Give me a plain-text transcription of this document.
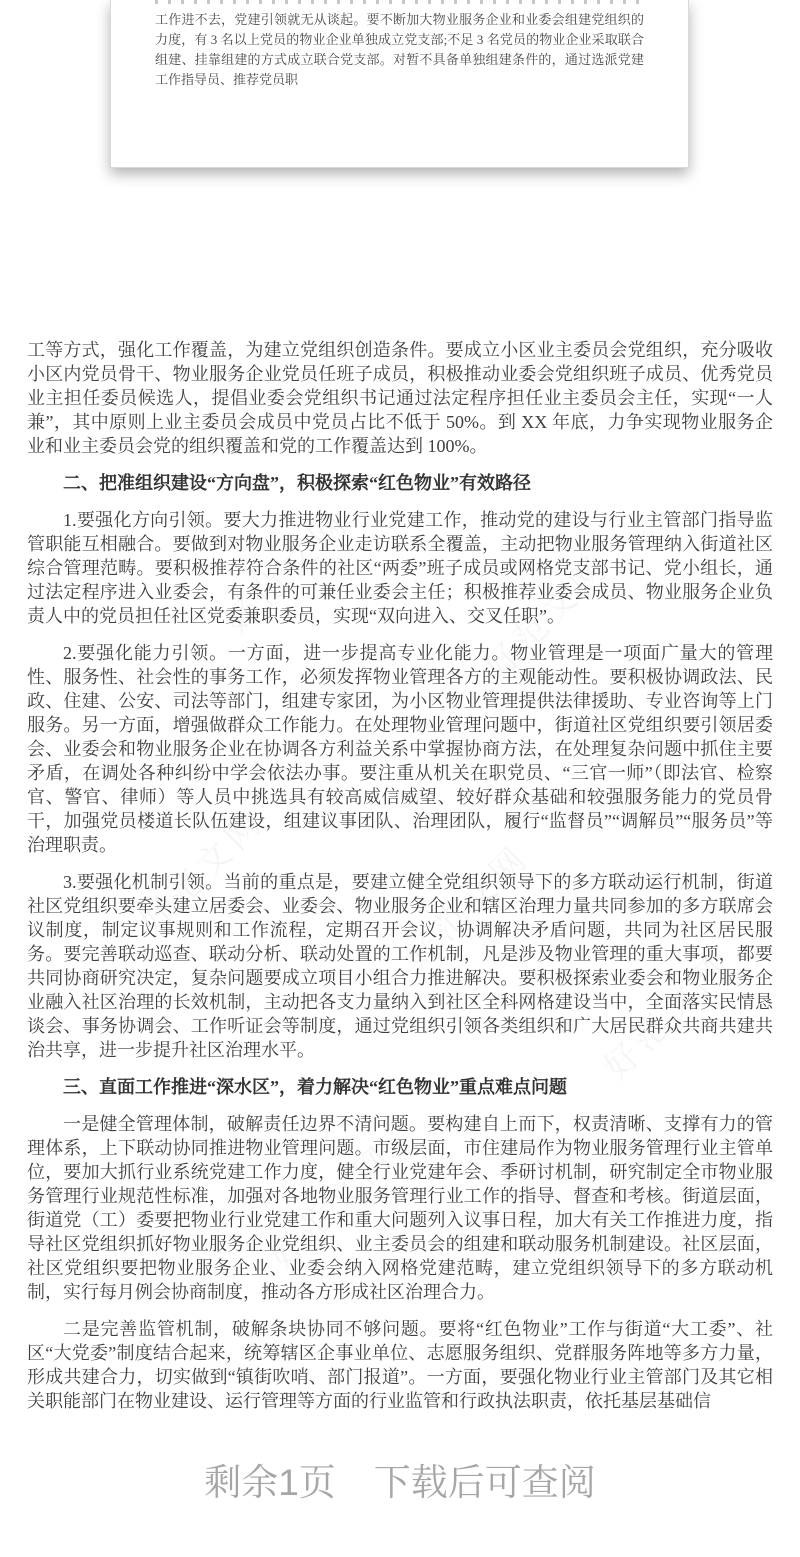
工作进不去，党建引领就无从谈起。要不断加大物业服务企业和业委会组建党组织的力度，有 3 名以上党员的物业企业单独成立党支部;不足 3 名党员的物业企业采取联合组建、挂靠组建的方式成立联合党支部。对暂不具备单独组建条件的，通过选派党建工作指导员、推荐党员职

好范文网	好范文网
好范文网	好范文网
好范文网
好范文网

工等方式，强化工作覆盖，为建立党组织创造条件。要成立小区业主委员会党组织，充分吸收小区内党员骨干、物业服务企业党员任班子成员，积极推动业委会党组织班子成员、优秀党员业主担任委员候选人，提倡业委会党组织书记通过法定程序担任业主委员会主任，实现“一人兼”，其中原则上业主委员会成员中党员占比不低于 50%。到 XX 年底，力争实现物业服务企业和业主委员会党的组织覆盖和党的工作覆盖达到 100%。

二、把准组织建设“方向盘”，积极探索“红色物业”有效路径

1.要强化方向引领。要大力推进物业行业党建工作，推动党的建设与行业主管部门指导监管职能互相融合。要做到对物业服务企业走访联系全覆盖，主动把物业服务管理纳入街道社区综合管理范畴。要积极推荐符合条件的社区“两委”班子成员或网格党支部书记、党小组长，通过法定程序进入业委会，有条件的可兼任业委会主任；积极推荐业委会成员、物业服务企业负责人中的党员担任社区党委兼职委员，实现“双向进入、交叉任职”。

2.要强化能力引领。一方面，进一步提高专业化能力。物业管理是一项面广量大的管理性、服务性、社会性的事务工作，必须发挥物业管理各方的主观能动性。要积极协调政法、民政、住建、公安、司法等部门，组建专家团，为小区物业管理提供法律援助、专业咨询等上门服务。另一方面，增强做群众工作能力。在处理物业管理问题中，街道社区党组织要引领居委会、业委会和物业服务企业在协调各方利益关系中掌握协商方法，在处理复杂问题中抓住主要矛盾，在调处各种纠纷中学会依法办事。要注重从机关在职党员、“三官一师”（即法官、检察官、警官、律师）等人员中挑选具有较高威信威望、较好群众基础和较强服务能力的党员骨干，加强党员楼道长队伍建设，组建议事团队、治理团队，履行“监督员”“调解员”“服务员”等治理职责。

3.要强化机制引领。当前的重点是，要建立健全党组织领导下的多方联动运行机制，街道社区党组织要牵头建立居委会、业委会、物业服务企业和辖区治理力量共同参加的多方联席会议制度，制定议事规则和工作流程，定期召开会议，协调解决矛盾问题，共同为社区居民服务。要完善联动巡查、联动分析、联动处置的工作机制，凡是涉及物业管理的重大事项，都要共同协商研究决定，复杂问题要成立项目小组合力推进解决。要积极探索业委会和物业服务企业融入社区治理的长效机制，主动把各支力量纳入到社区全科网格建设当中，全面落实民情恳谈会、事务协调会、工作听证会等制度，通过党组织引领各类组织和广大居民群众共商共建共治共享，进一步提升社区治理水平。

三、直面工作推进“深水区”，着力解决“红色物业”重点难点问题

一是健全管理体制，破解责任边界不清问题。要构建自上而下，权责清晰、支撑有力的管理体系，上下联动协同推进物业管理问题。市级层面，市住建局作为物业服务管理行业主管单位，要加大抓行业系统党建工作力度，健全行业党建年会、季研讨机制，研究制定全市物业服务管理行业规范性标准，加强对各地物业服务管理行业工作的指导、督查和考核。街道层面，街道党（工）委要把物业行业党建工作和重大问题列入议事日程，加大有关工作推进力度，指导社区党组织抓好物业服务企业党组织、业主委员会的组建和联动服务机制建设。社区层面，社区党组织要把物业服务企业、业委会纳入网格党建范畴，建立党组织领导下的多方联动机制，实行每月例会协商制度，推动各方形成社区治理合力。

二是完善监管机制，破解条块协同不够问题。要将“红色物业”工作与街道“大工委”、社区“大党委”制度结合起来，统筹辖区企事业单位、志愿服务组织、党群服务阵地等多方力量，形成共建合力，切实做到“镇街吹哨、部门报道”。一方面，要强化物业行业主管部门及其它相关职能部门在物业建设、运行管理等方面的行业监管和行政执法职责，依托基层基础信

剩余1页 下载后可查阅
